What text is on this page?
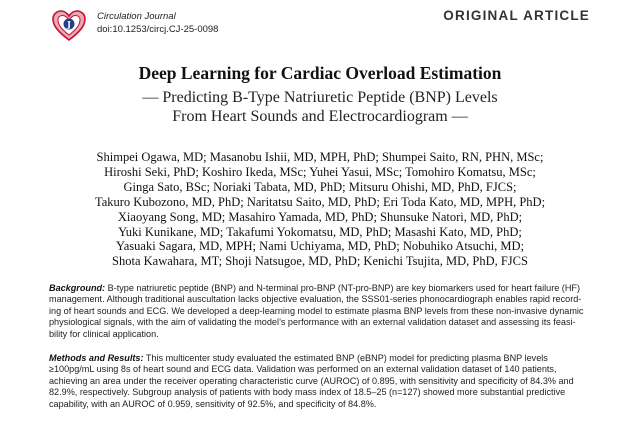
J
Circulation Journal
doi:10.1253/circj.CJ-25-0098
ORIGINAL ARTICLE
Deep Learning for Cardiac Overload Estimation
— Predicting B-Type Natriuretic Peptide (BNP) Levels
From Heart Sounds and Electrocardiogram —
Shimpei Ogawa, MD; Masanobu Ishii, MD, MPH, PhD; Shumpei Saito, RN, PHN, MSc;
Hiroshi Seki, PhD; Koshiro Ikeda, MSc; Yuhei Yasui, MSc; Tomohiro Komatsu, MSc;
Ginga Sato, BSc; Noriaki Tabata, MD, PhD; Mitsuru Ohishi, MD, PhD, FJCS;
Takuro Kubozono, MD, PhD; Naritatsu Saito, MD, PhD; Eri Toda Kato, MD, MPH, PhD;
Xiaoyang Song, MD; Masahiro Yamada, MD, PhD; Shunsuke Natori, MD, PhD;
Yuki Kunikane, MD; Takafumi Yokomatsu, MD, PhD; Masashi Kato, MD, PhD;
Yasuaki Sagara, MD, MPH; Nami Uchiyama, MD, PhD; Nobuhiko Atsuchi, MD;
Shota Kawahara, MT; Shoji Natsugoe, MD, PhD; Kenichi Tsujita, MD, PhD, FJCS
Background: B-type natriuretic peptide (BNP) and N-terminal pro-BNP (NT-pro-BNP) are key biomarkers used for heart failure (HF)
management. Although traditional auscultation lacks objective evaluation, the SSS01-series phonocardiograph enables rapid record-
ing of heart sounds and ECG. We developed a deep-learning model to estimate plasma BNP levels from these non-invasive dynamic
physiological signals, with the aim of validating the model’s performance with an external validation dataset and assessing its feasi-
bility for clinical application.
Methods and Results: This multicenter study evaluated the estimated BNP (eBNP) model for predicting plasma BNP levels
≥100pg/mL using 8s of heart sound and ECG data. Validation was performed on an external validation dataset of 140 patients,
achieving an area under the receiver operating characteristic curve (AUROC) of 0.895, with sensitivity and specificity of 84.3% and
82.9%, respectively. Subgroup analysis of patients with body mass index of 18.5–25 (n=127) showed more substantial predictive
capability, with an AUROC of 0.959, sensitivity of 92.5%, and specificity of 84.8%.
